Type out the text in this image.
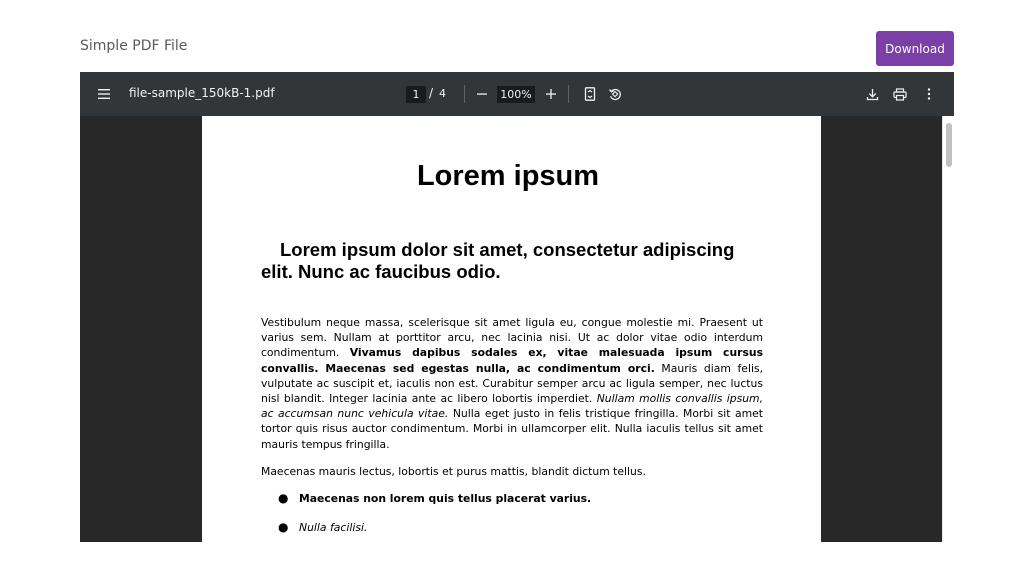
Simple PDF File	Download
file-sample_150kB-1.pdf	1 / 4	100%
Lorem ipsum
Lorem ipsum dolor sit amet, consectetur adipiscing elit. Nunc ac faucibus odio.
Vestibulum neque massa, scelerisque sit amet ligula eu, congue molestie mi. Praesent ut varius sem. Nullam at porttitor arcu, nec lacinia nisi. Ut ac dolor vitae odio interdum condimentum. Vivamus dapibus sodales ex, vitae malesuada ipsum cursus convallis. Maecenas sed egestas nulla, ac condimentum orci. Mauris diam felis, vulputate ac suscipit et, iaculis non est. Curabitur semper arcu ac ligula semper, nec luctus nisl blandit. Integer lacinia ante ac libero lobortis imperdiet. Nullam mollis convallis ipsum, ac accumsan nunc vehicula vitae. Nulla eget justo in felis tristique fringilla. Morbi sit amet tortor quis risus auctor condimentum. Morbi in ullamcorper elit. Nulla iaculis tellus sit amet mauris tempus fringilla.
Maecenas mauris lectus, lobortis et purus mattis, blandit dictum tellus.
● Maecenas non lorem quis tellus placerat varius.
● Nulla facilisi.
